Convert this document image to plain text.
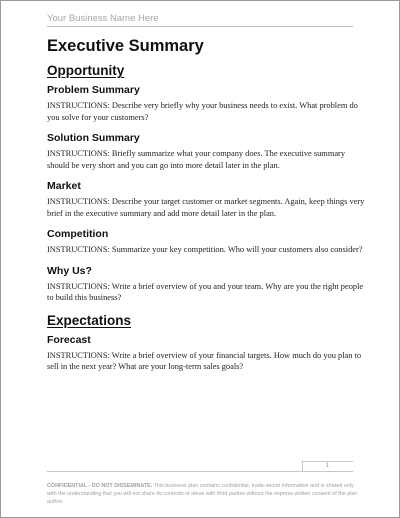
Your Business Name Here
Executive Summary
Opportunity
Problem Summary

INSTRUCTIONS: Describe very briefly why your business needs to exist. What problem do you solve for your customers?

Solution Summary

INSTRUCTIONS: Briefly summarize what your company does. The executive summary should be very short and you can go into more detail later in the plan.

Market

INSTRUCTIONS: Describe your target customer or market segments. Again, keep things very brief in the executive summary and add more detail later in the plan.

Competition

INSTRUCTIONS: Summarize your key competition. Who will your customers also consider?

Why Us?

INSTRUCTIONS: Write a brief overview of you and your team. Why are you the right people to build this business?

Expectations
Forecast

INSTRUCTIONS: Write a brief overview of your financial targets. How much do you plan to sell in the next year? What are your long-term sales goals?

1
CONFIDENTIAL - DO NOT DISSEMINATE. This business plan contains confidential, trade-secret information and is shared only with the understanding that you will not share its contents or ideas with third parties without the express written consent of the plan author.
